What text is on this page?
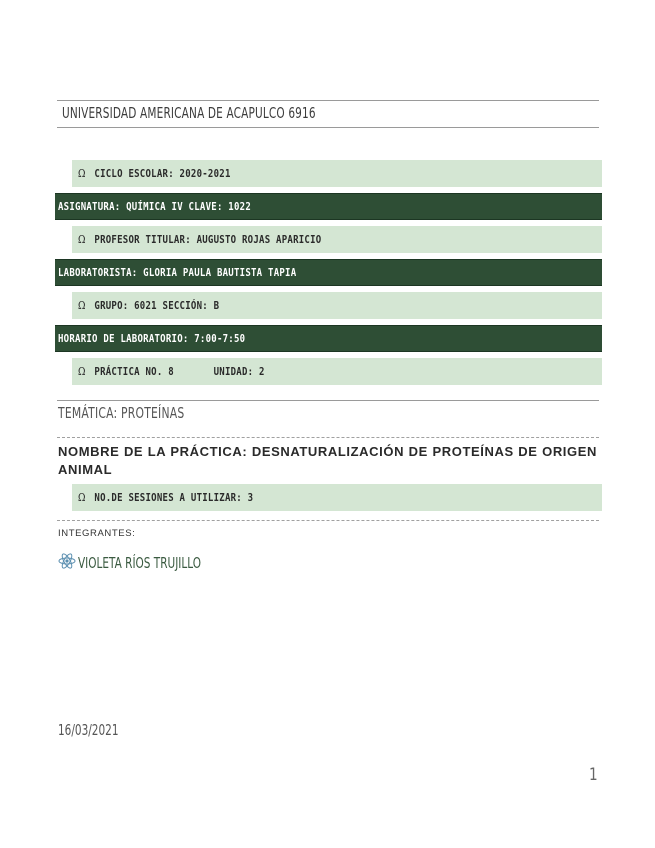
UNIVERSIDAD AMERICANA DE ACAPULCO 6916
Ω CICLO ESCOLAR: 2020-2021
ASIGNATURA: QUÍMICA IV CLAVE: 1022
Ω PROFESOR TITULAR: AUGUSTO ROJAS APARICIO
LABORATORISTA: GLORIA PAULA BAUTISTA TAPIA
Ω GRUPO: 6021 SECCIÓN: B
HORARIO DE LABORATORIO: 7:00-7:50
Ω PRÁCTICA NO. 8       UNIDAD: 2
TEMÁTICA: PROTEÍNAS
NOMBRE DE LA PRÁCTICA: DESNATURALIZACIÓN DE PROTEÍNAS DE ORIGEN ANIMAL
Ω NO.DE SESIONES A UTILIZAR: 3
INTEGRANTES:
VIOLETA RÍOS TRUJILLO
16/03/2021
1
